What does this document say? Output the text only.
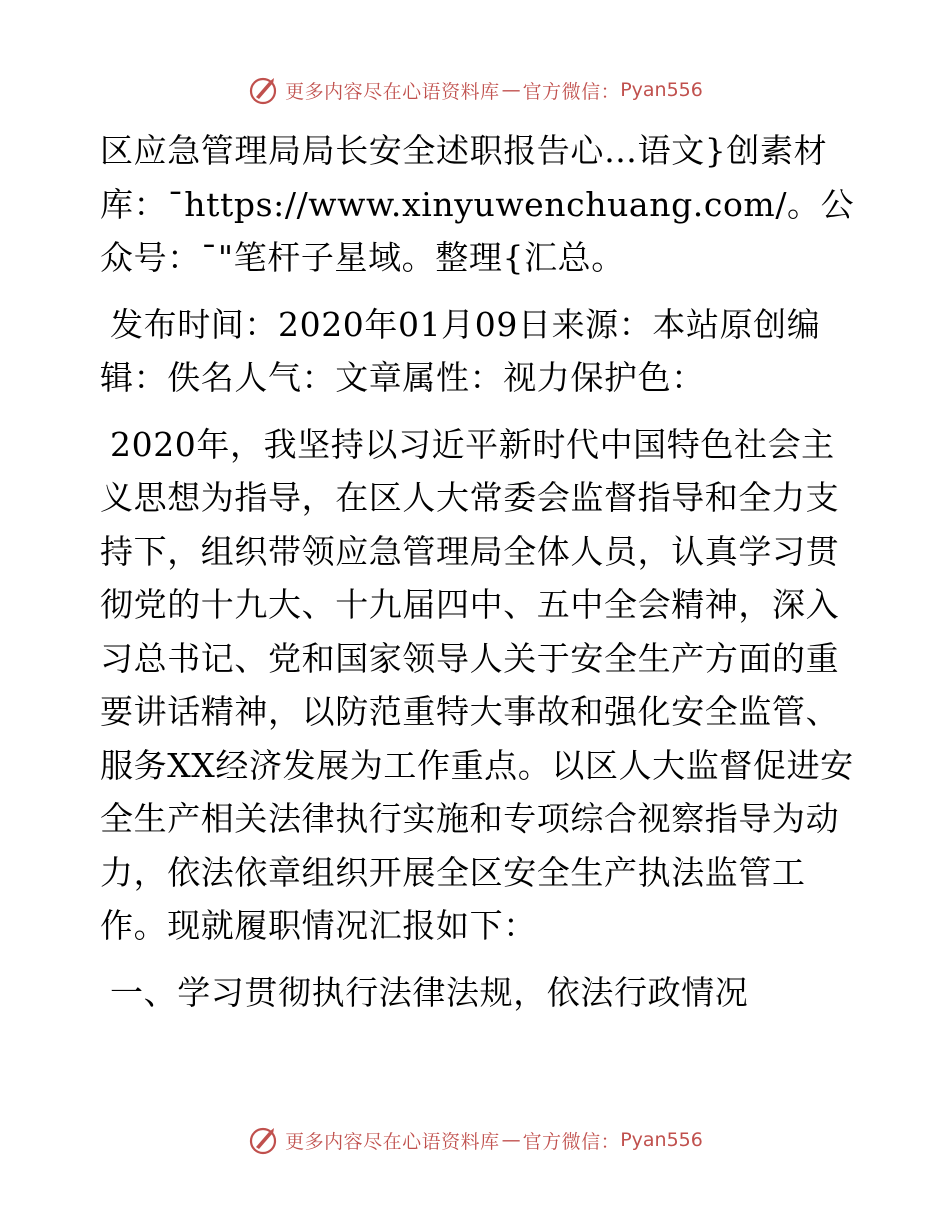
更多内容尽在心语资料库 — 官方微信： Pyan556

区应急管理局局长安全述职报告心…语文}创素材库：¯https://www.xinyuwenchuang.com/。公众号：¯"笔杆子星域。整理{汇总。

发布时间：2020年01月09日来源：本站原创编辑：佚名人气：文章属性：视力保护色：

2020年，我坚持以习近平新时代中国特色社会主义思想为指导，在区人大常委会监督指导和全力支持下，组织带领应急管理局全体人员，认真学习贯彻党的十九大、十九届四中、五中全会精神，深入习总书记、党和国家领导人关于安全生产方面的重要讲话精神，以防范重特大事故和强化安全监管、服务XX经济发展为工作重点。以区人大监督促进安全生产相关法律执行实施和专项综合视察指导为动力，依法依章组织开展全区安全生产执法监管工作。现就履职情况汇报如下：

一、学习贯彻执行法律法规，依法行政情况

更多内容尽在心语资料库 — 官方微信： Pyan556
